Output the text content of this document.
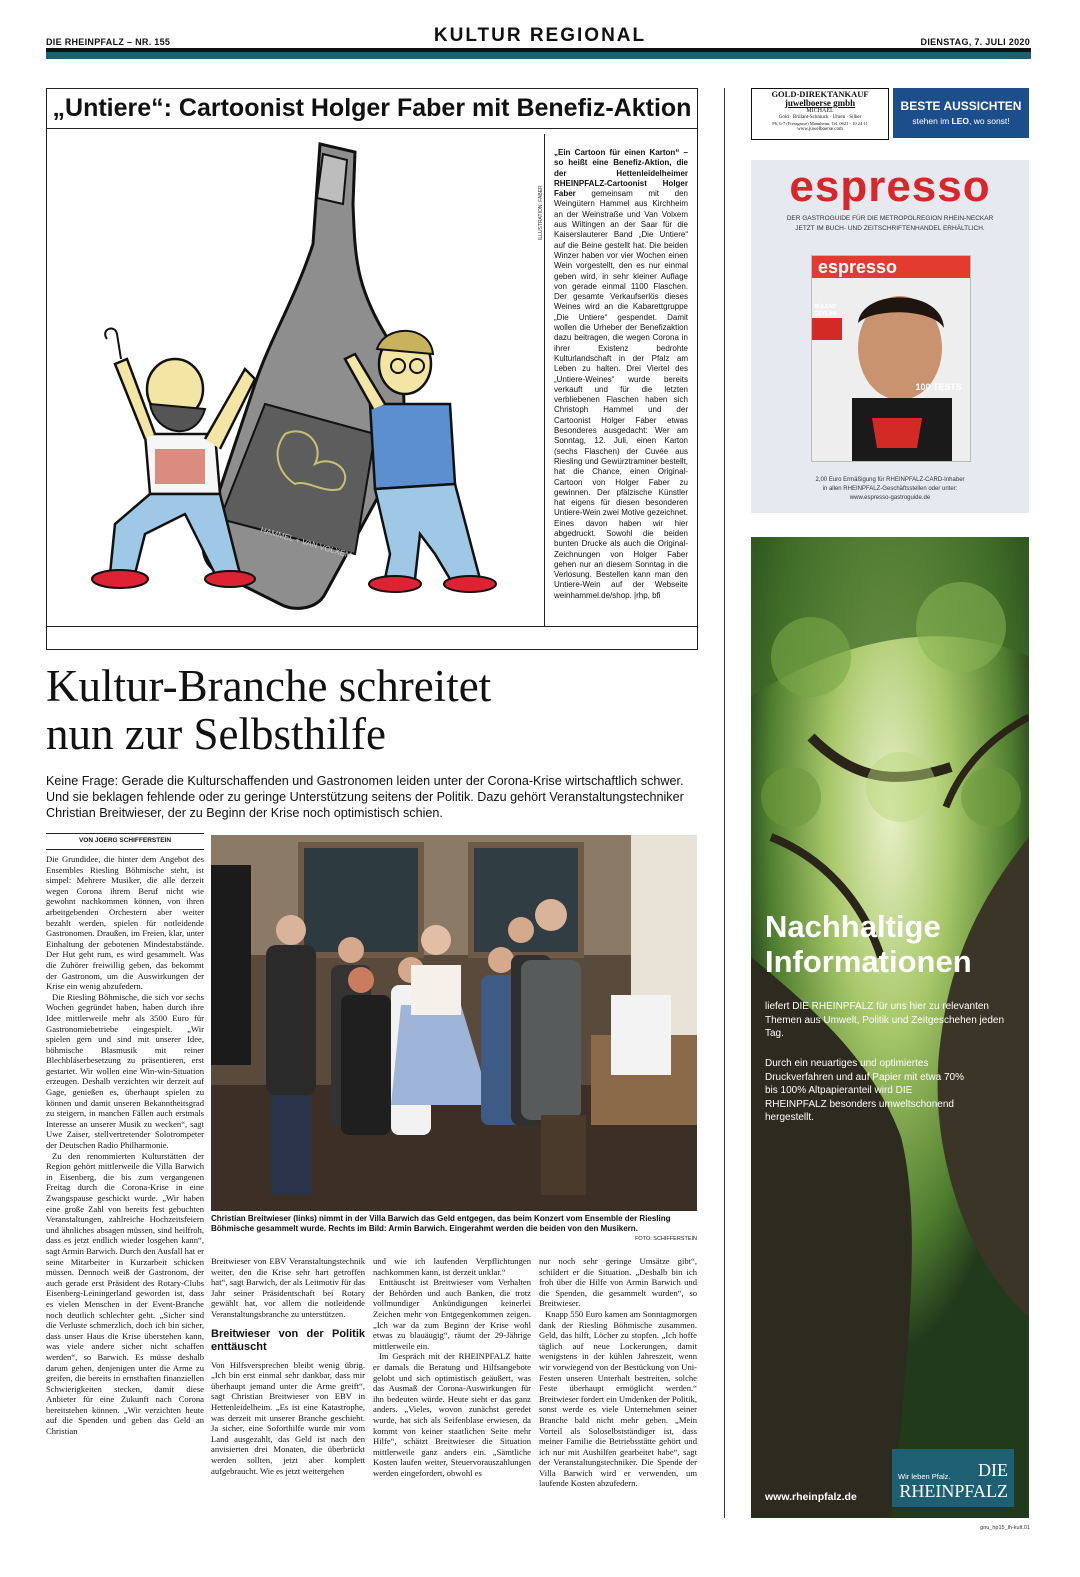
DIE RHEINPFALZ – NR. 155	KULTUR REGIONAL	DIENSTAG, 7. JULI 2020
„Untiere“: Cartoonist Holger Faber mit Benefiz-Aktion
HAMMEL + VAN VOLXEM
ILLUSTRATION: FABER
„Ein Cartoon für einen Karton“ – so heißt eine Benefiz-Aktion, die der Hettenleidelheimer RHEINPFALZ-Cartoonist Holger Faber gemeinsam mit den Weingütern Hammel aus Kirchheim an der Weinstraße und Van Volxem aus Wiltingen an der Saar für die Kaiserslauterer Band „Die Untiere“ auf die Beine gestellt hat. Die beiden Winzer haben vor vier Wochen einen Wein vorgestellt, den es nur einmal geben wird, in sehr kleiner Auflage von gerade einmal 1100 Flaschen. Der gesamte Verkaufserlös dieses Weines wird an die Kabarettgruppe „Die Untiere“ gespendet. Damit wollen die Urheber der Benefizaktion dazu beitragen, die wegen Corona in ihrer Existenz bedrohte Kulturlandschaft in der Pfalz am Leben zu halten. Drei Viertel des „Untiere-Weines“ wurde bereits verkauft und für die letzten verbliebenen Flaschen haben sich Christoph Hammel und der Cartoonist Holger Faber etwas Besonderes ausgedacht: Wer am Sonntag, 12. Juli, einen Karton (sechs Flaschen) der Cuvée aus Riesling und Gewürztraminer bestellt, hat die Chance, einen Original-Cartoon von Holger Faber zu gewinnen. Der pfälzische Künstler hat eigens für diesen besonderen Untiere-Wein zwei Motive gezeichnet. Eines davon haben wir hier abgedruckt. Sowohl die beiden bunten Drucke als auch die Original-Zeichnungen von Holger Faber gehen nur an diesem Sonntag in die Verlosung. Bestellen kann man den Untiere-Wein auf der Webseite weinhammel.de/shop. |rhp, bfi
Kultur-Branche schreitet
nun zur Selbsthilfe
Keine Frage: Gerade die Kulturschaffenden und Gastronomen leiden unter der Corona-Krise wirtschaftlich schwer. Und sie beklagen fehlende oder zu geringe Unterstützung seitens der Politik. Dazu gehört Veranstaltungstechniker Christian Breitwieser, der zu Beginn der Krise noch optimistisch schien.
VON JOERG SCHIFFERSTEIN

Die Grundidee, die hinter dem Angebot des Ensembles Riesling Böhmische steht, ist simpel: Mehrere Musiker, die alle derzeit wegen Corona ihrem Beruf nicht wie gewohnt nachkommen können, von ihren arbeitgebenden Orchestern aber weiter bezahlt werden, spielen für notleidende Gastronomen. Draußen, im Freien, klar, unter Einhaltung der gebotenen Mindestabstände. Der Hut geht rum, es wird gesammelt. Was die Zuhörer freiwillig geben, das bekommt der Gastronom, um die Auswirkungen der Krise ein wenig abzufedern.

Die Riesling Böhmische, die sich vor sechs Wochen gegründet haben, haben durch ihre Idee mittlerweile mehr als 3500 Euro für Gastronomiebetriebe eingespielt. „Wir spielen gern und sind mit unserer Idee, böhmische Blasmusik mit reiner Blechbläserbesetzung zu präsentieren, erst gestartet. Wir wollen eine Win-win-Situation erzeugen. Deshalb verzichten wir derzeit auf Gage, genießen es, überhaupt spielen zu können und damit unseren Bekanntheitsgrad zu steigern, in manchen Fällen auch erstmals Interesse an unserer Musik zu wecken“, sagt Uwe Zaiser, stellvertretender Solotrompeter der Deutschen Radio Philharmonie.

Zu den renommierten Kulturstätten der Region gehört mittlerweile die Villa Barwich in Eisenberg, die bis zum vergangenen Freitag durch die Corona-Krise in eine Zwangspause geschickt wurde. „Wir haben eine große Zahl von bereits fest gebuchten Veranstaltungen, zahlreiche Hochzeitsfeiern und ähnliches absagen müssen, sind heilfroh, dass es jetzt endlich wieder losgehen kann“, sagt Armin Barwich. Durch den Ausfall hat er seine Mitarbeiter in Kurzarbeit schicken müssen. Dennoch weiß der Gastronom, der auch gerade erst Präsident des Rotary-Clubs Eisenberg-Leiningerland geworden ist, dass es vielen Menschen in der Event-Branche noch deutlich schlechter geht. „Sicher sind die Verluste schmerzlich, doch ich bin sicher, dass unser Haus die Krise überstehen kann, was viele andere sicher nicht schaffen werden“, so Barwich. Es müsse deshalb darum gehen, denjenigen unter die Arme zu greifen, die bereits in ernsthaften finanziellen Schwierigkeiten stecken, damit diese Anbieter für eine Zukunft nach Corona bereitstehen können. „Wir verzichten heute auf die Spenden und geben das Geld an Christian

Christian Breitwieser (links) nimmt in der Villa Barwich das Geld entgegen, das beim Konzert vom Ensemble der Riesling Böhmische gesammelt wurde. Rechts im Bild: Armin Barwich. Eingerahmt werden die beiden von den Musikern.
FOTO: SCHIFFERSTEIN

Breitwieser von EBV Veranstaltungstechnik weiter, den die Krise sehr hart getroffen hat“, sagt Barwich, der als Leitmotiv für das Jahr seiner Präsidentschaft bei Rotary gewählt hat, vor allem die notleidende Veranstaltungsbranche zu unterstützen.

Breitwieser von der Politik enttäuscht

Von Hilfsversprechen bleibt wenig übrig. „Ich bin erst einmal sehr dankbar, dass mir überhaupt jemand unter die Arme greift“, sagt Christian Breitwieser von EBV in Hettenleidelheim. „Es ist eine Katastrophe, was derzeit mit unserer Branche geschieht. Ja sicher, eine Soforthilfe wurde mir vom Land ausgezahlt, das Geld ist nach den anvisierten drei Monaten, die überbrückt werden sollten, jetzt aber komplett aufgebraucht. Wie es jetzt weitergehen

und wie ich laufenden Verpflichtungen nachkommen kann, ist derzeit unklar.“

Enttäuscht ist Breitwieser vom Verhalten der Behörden und auch Banken, die trotz vollmundiger Ankündigungen keinerlei Zeichen mehr von Entgegenkommen zeigen. „Ich war da zum Beginn der Krise wohl etwas zu blauäugig“, räumt der 29-Jährige mittlerweile ein.

Im Gespräch mit der RHEINPFALZ hatte er damals die Beratung und Hilfsangebote gelobt und sich optimistisch geäußert, was das Ausmaß der Corona-Auswirkungen für ihn bedeuten würde. Heute sieht er das ganz anders. „Vieles, wovon zunächst geredet wurde, hat sich als Seifenblase erwiesen, da kommt von keiner staatlichen Seite mehr Hilfe“, schätzt Breitwieser die Situation mittlerweile ganz anders ein. „Sämtliche Kosten laufen weiter, Steuervorauszahlungen werden eingefordert, obwohl es

nur noch sehr geringe Umsätze gibt“, schildert er die Situation. „Deshalb bin ich froh über die Hilfe von Armin Barwich und die Spenden, die gesammelt wurden“, so Breitwieser.

Knapp 550 Euro kamen am Sonntagmorgen dank der Riesling Böhmische zusammen. Geld, das hilft, Löcher zu stopfen. „Ich hoffe täglich auf neue Lockerungen, damit wenigstens in der kühlen Jahreszeit, wenn wir vorwiegend von der Bestückung von Uni-Festen unseren Unterhalt bestreiten, solche Feste überhaupt ermöglicht werden.“ Breitwieser fordert ein Umdenken der Politik, sonst werde es viele Unternehmen seiner Branche bald nicht mehr geben. „Mein Vorteil als Soloselbstständiger ist, dass meiner Familie die Betriebsstätte gehört und ich nur mit Aushilfen gearbeitet habe“, sagt der Veranstaltungstechniker. Die Spende der Villa Barwich wird er verwenden, um laufende Kosten abzufedern.

GOLD-DIREKTANKAUF
juwelboerse gmbh
MICHAEL
Gold · Brillant-Schmuck · Uhren · Silber
P6, 6-7 (Fressgasse) Mannheim, Tel. 0621 - 10 24 11
www.juwelboerse.com
BESTE AUSSICHTEN
stehen im LEO, wo sonst!
espresso
DER GASTROGUIDE FÜR DIE METROPOLREGION RHEIN-NECKAR
JETZT IM BUCH- UND ZEITSCHRIFTENHANDEL ERHÄLTLICH.
espresso
BÜLENT
CEYLAN
100 TESTS
2,00 Euro Ermäßigung für RHEINPFALZ-CARD-Inhaber
in allen RHEINPFALZ-Geschäftsstellen oder unter:
www.espresso-gastroguide.de
Nachhaltige
Informationen
liefert DIE RHEINPFALZ für uns hier zu relevanten Themen aus Umwelt, Politik und Zeitgeschehen jeden Tag.
Durch ein neuartiges und optimiertes Druckverfahren und auf Papier mit etwa 70% bis 100% Altpapieranteil wird DIE RHEINPFALZ besonders umweltschonend hergestellt.
www.rheinpfalz.de
Wir leben Pfalz. DIE
RHEINPFALZ
gnu_hp15_lh-kult.01
